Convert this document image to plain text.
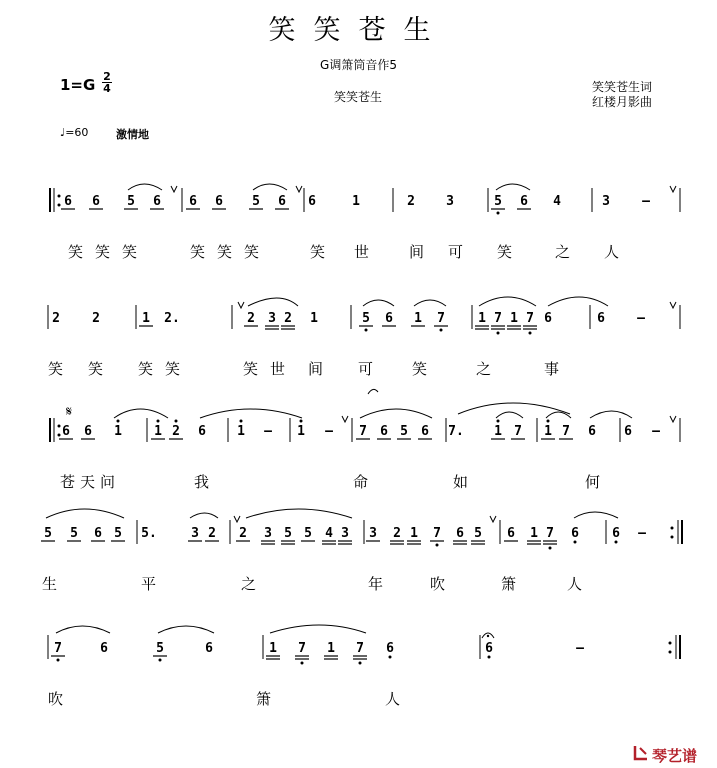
笑笑苍生
G调箫筒音作5
$1=G \frac{2}{4}$
笑笑苍生
笑笑苍生词
红楼月影曲
♩=60	激情地
6 6 5 6 6 6 5 6 6	1	2 3	5 6 4	3 –
2 2	1 2.	2 3 2 1	5 6 1 7	1 7 1 7 6	6 –
6 6 1 1 2 6 1 – 1 – 7 6 5 6 7. 1 7 1 7 6 6 –
5 5 6 5 5.	3 2 2 3 5 5 4 3 3 2 1 7 6 5 6 1 7 6	6 –
7	6	5	6	1 7 1 7 6	6	–
笑 笑 笑	笑 笑 笑	笑 世	间 可 笑	之 人
笑 笑 笑 笑	笑 世 间 可	笑	之	事
苍 天 问	我	命	如	何
生	平	之	年	吹	箫	人
吹	箫	人
𝄋
琴艺谱
